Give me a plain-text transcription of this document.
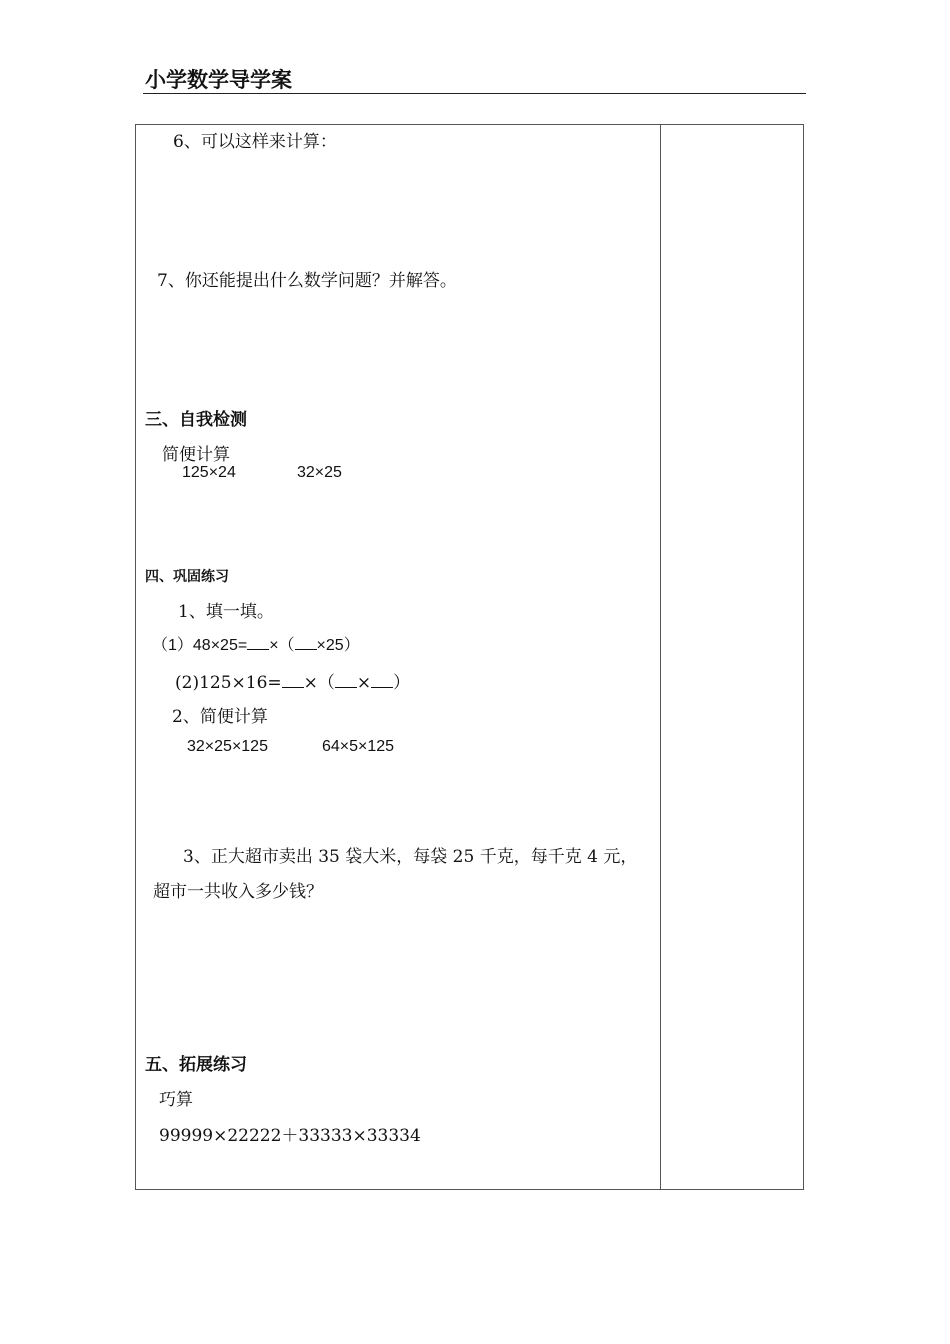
小学数学导学案
6、可以这样来计算：
7、你还能提出什么数学问题？并解答。
三、自我检测
简便计算
125×24	32×25
四、巩固练习
1、填一填。
（1）48×25= ×（ ×25）
(2)125×16= ×（ × ）
2、简便计算
32×25×125	64×5×125
3、正大超市卖出 35 袋大米，每袋 25 千克，每千克 4 元，
超市一共收入多少钱？
五、拓展练习
巧算
99999×22222＋33333×33334
